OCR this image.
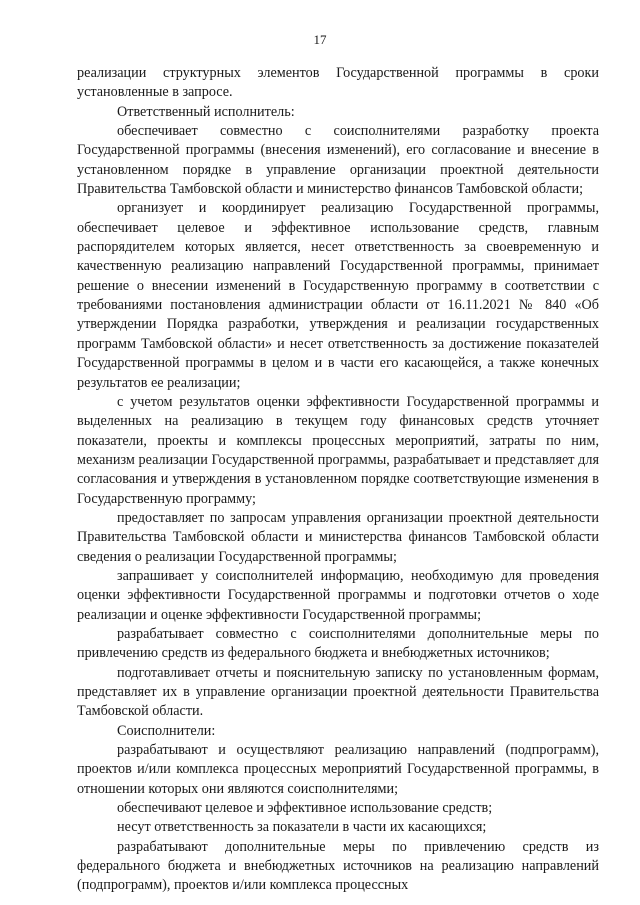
17

реализации структурных элементов Государственной программы в сроки установленные в запросе.

Ответственный исполнитель:

обеспечивает совместно с соисполнителями разработку проекта Государственной программы (внесения изменений), его согласование и внесение в установленном порядке в управление организации проектной деятельности Правительства Тамбовской области и министерство финансов Тамбовской области;

организует и координирует реализацию Государственной программы, обеспечивает целевое и эффективное использование средств, главным распорядителем которых является, несет ответственность за своевременную и качественную реализацию направлений Государственной программы, принимает решение о внесении изменений в Государственную программу в соответствии с требованиями постановления администрации области от 16.11.2021 № 840 «Об утверждении Порядка разработки, утверждения и реализации государственных программ Тамбовской области» и несет ответственность за достижение показателей Государственной программы в целом и в части его касающейся, а также конечных результатов ее реализации;

с учетом результатов оценки эффективности Государственной программы и выделенных на реализацию в текущем году финансовых средств уточняет показатели, проекты и комплексы процессных мероприятий, затраты по ним, механизм реализации Государственной программы, разрабатывает и представляет для согласования и утверждения в установленном порядке соответствующие изменения в Государственную программу;

предоставляет по запросам управления организации проектной деятельности Правительства Тамбовской области и министерства финансов Тамбовской области сведения о реализации Государственной программы;

запрашивает у соисполнителей информацию, необходимую для проведения оценки эффективности Государственной программы и подготовки отчетов о ходе реализации и оценке эффективности Государственной программы;

разрабатывает совместно с соисполнителями дополнительные меры по привлечению средств из федерального бюджета и внебюджетных источников;

подготавливает отчеты и пояснительную записку по установленным формам, представляет их в управление организации проектной деятельности Правительства Тамбовской области.

Соисполнители:

разрабатывают и осуществляют реализацию направлений (подпрограмм), проектов и/или комплекса процессных мероприятий Государственной программы, в отношении которых они являются соисполнителями;

обеспечивают целевое и эффективное использование средств;

несут ответственность за показатели в части их касающихся;

разрабатывают дополнительные меры по привлечению средств из федерального бюджета и внебюджетных источников на реализацию направлений (подпрограмм), проектов и/или комплекса процессных
